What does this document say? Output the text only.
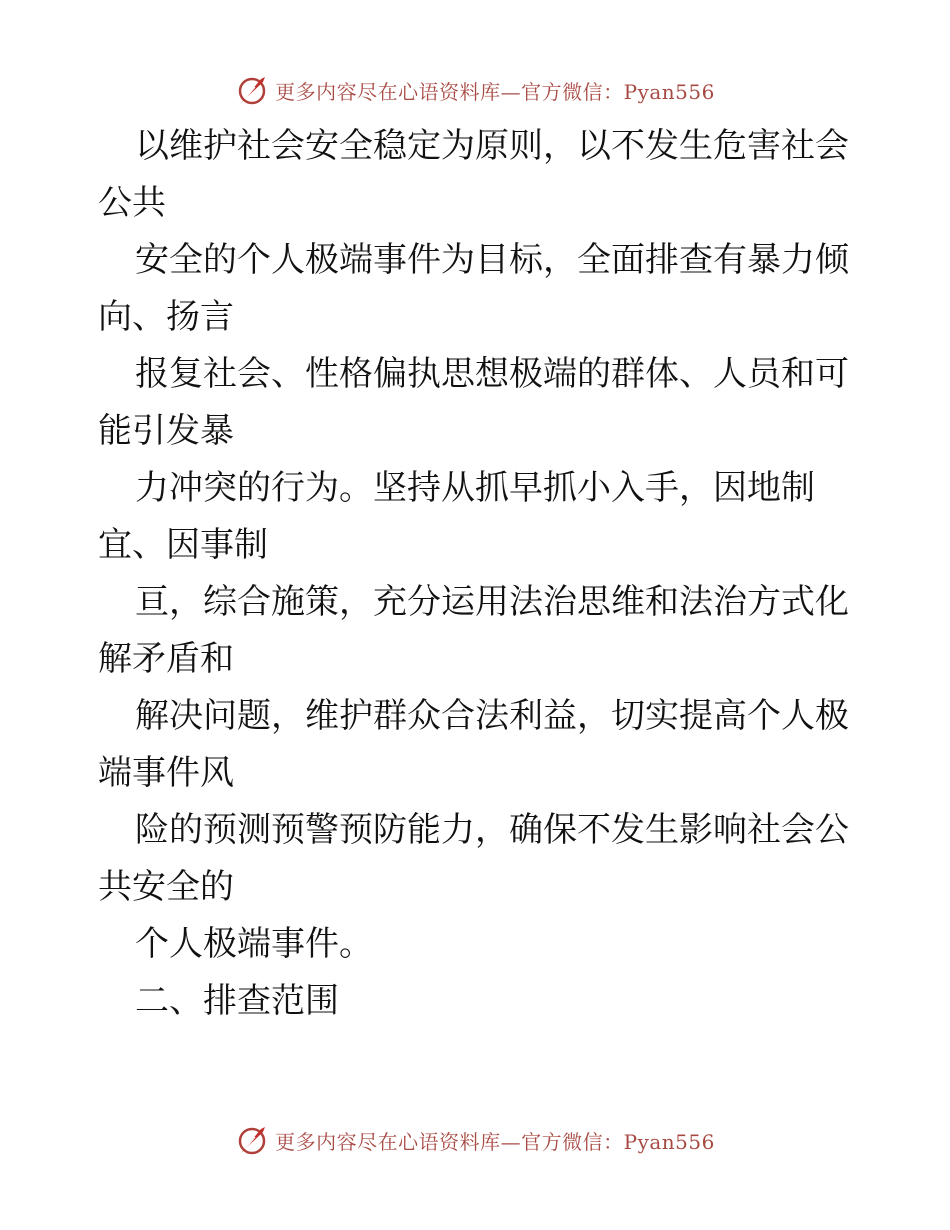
更多内容尽在心语资料库—官方微信：Pyan556
以维护社会安全稳定为原则，以不发生危害社会
公共
安全的个人极端事件为目标，全面排查有暴力倾
向、扬言
报复社会、性格偏执思想极端的群体、人员和可
能引发暴
力冲突的行为。坚持从抓早抓小入手，因地制
宜、因事制
亘，综合施策，充分运用法治思维和法治方式化
解矛盾和
解决问题，维护群众合法利益，切实提高个人极
端事件风
险的预测预警预防能力，确保不发生影响社会公
共安全的
个人极端事件。
二、排查范围
更多内容尽在心语资料库—官方微信：Pyan556
